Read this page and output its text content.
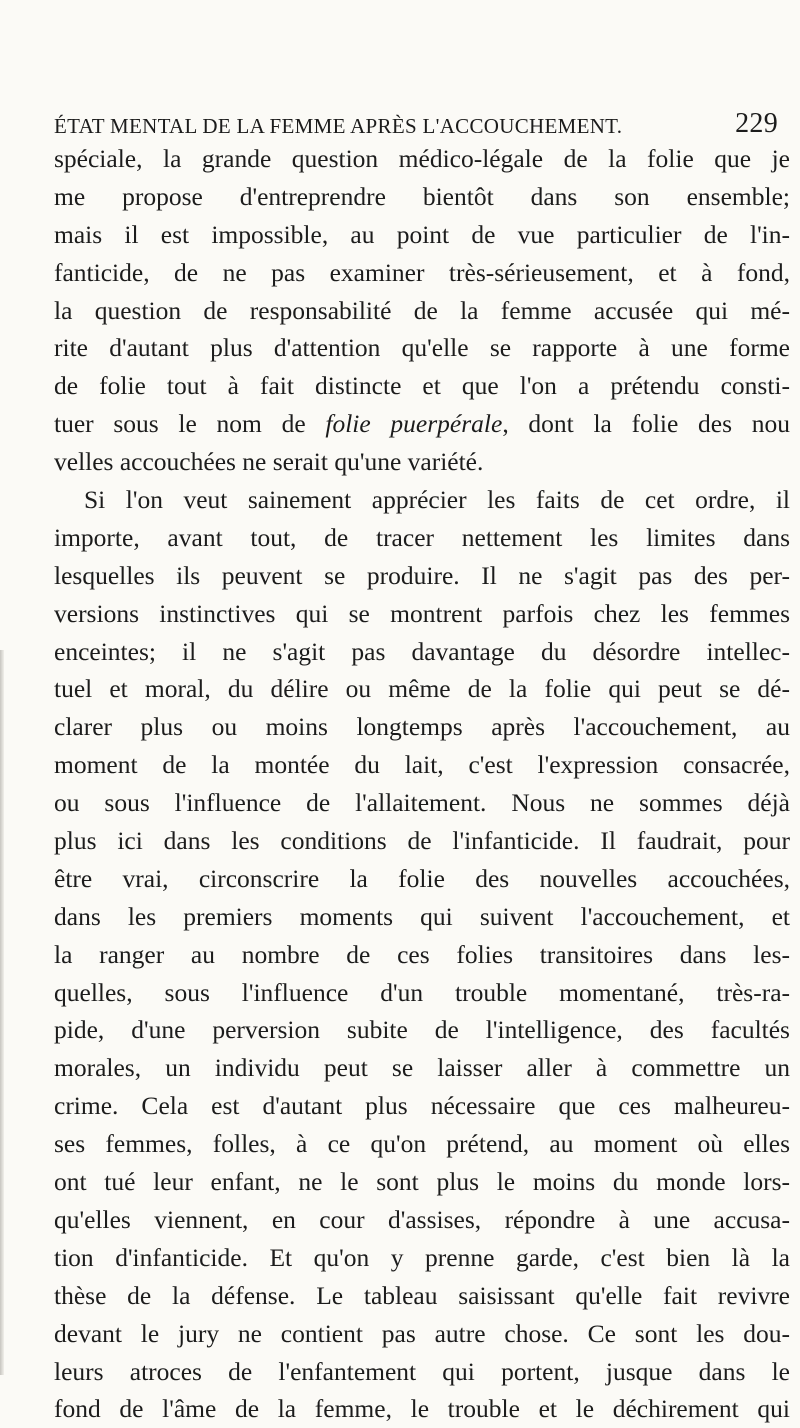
ÉTAT MENTAL DE LA FEMME APRÈS L'ACCOUCHEMENT.	229
spéciale, la grande question médico-légale de la folie que je
me propose d'entreprendre bientôt dans son ensemble;
mais il est impossible, au point de vue particulier de l'in-
fanticide, de ne pas examiner très-sérieusement, et à fond,
la question de responsabilité de la femme accusée qui mé-
rite d'autant plus d'attention qu'elle se rapporte à une forme
de folie tout à fait distincte et que l'on a prétendu consti-
tuer sous le nom de folie puerpérale, dont la folie des nou
velles accouchées ne serait qu'une variété.
Si l'on veut sainement apprécier les faits de cet ordre, il
importe, avant tout, de tracer nettement les limites dans
lesquelles ils peuvent se produire. Il ne s'agit pas des per-
versions instinctives qui se montrent parfois chez les femmes
enceintes; il ne s'agit pas davantage du désordre intellec-
tuel et moral, du délire ou même de la folie qui peut se dé-
clarer plus ou moins longtemps après l'accouchement, au
moment de la montée du lait, c'est l'expression consacrée,
ou sous l'influence de l'allaitement. Nous ne sommes déjà
plus ici dans les conditions de l'infanticide. Il faudrait, pour
être vrai, circonscrire la folie des nouvelles accouchées,
dans les premiers moments qui suivent l'accouchement, et
la ranger au nombre de ces folies transitoires dans les-
quelles, sous l'influence d'un trouble momentané, très-ra-
pide, d'une perversion subite de l'intelligence, des facultés
morales, un individu peut se laisser aller à commettre un
crime. Cela est d'autant plus nécessaire que ces malheureu-
ses femmes, folles, à ce qu'on prétend, au moment où elles
ont tué leur enfant, ne le sont plus le moins du monde lors-
qu'elles viennent, en cour d'assises, répondre à une accusa-
tion d'infanticide. Et qu'on y prenne garde, c'est bien là la
thèse de la défense. Le tableau saisissant qu'elle fait revivre
devant le jury ne contient pas autre chose. Ce sont les dou-
leurs atroces de l'enfantement qui portent, jusque dans le
fond de l'âme de la femme, le trouble et le déchirement qui
